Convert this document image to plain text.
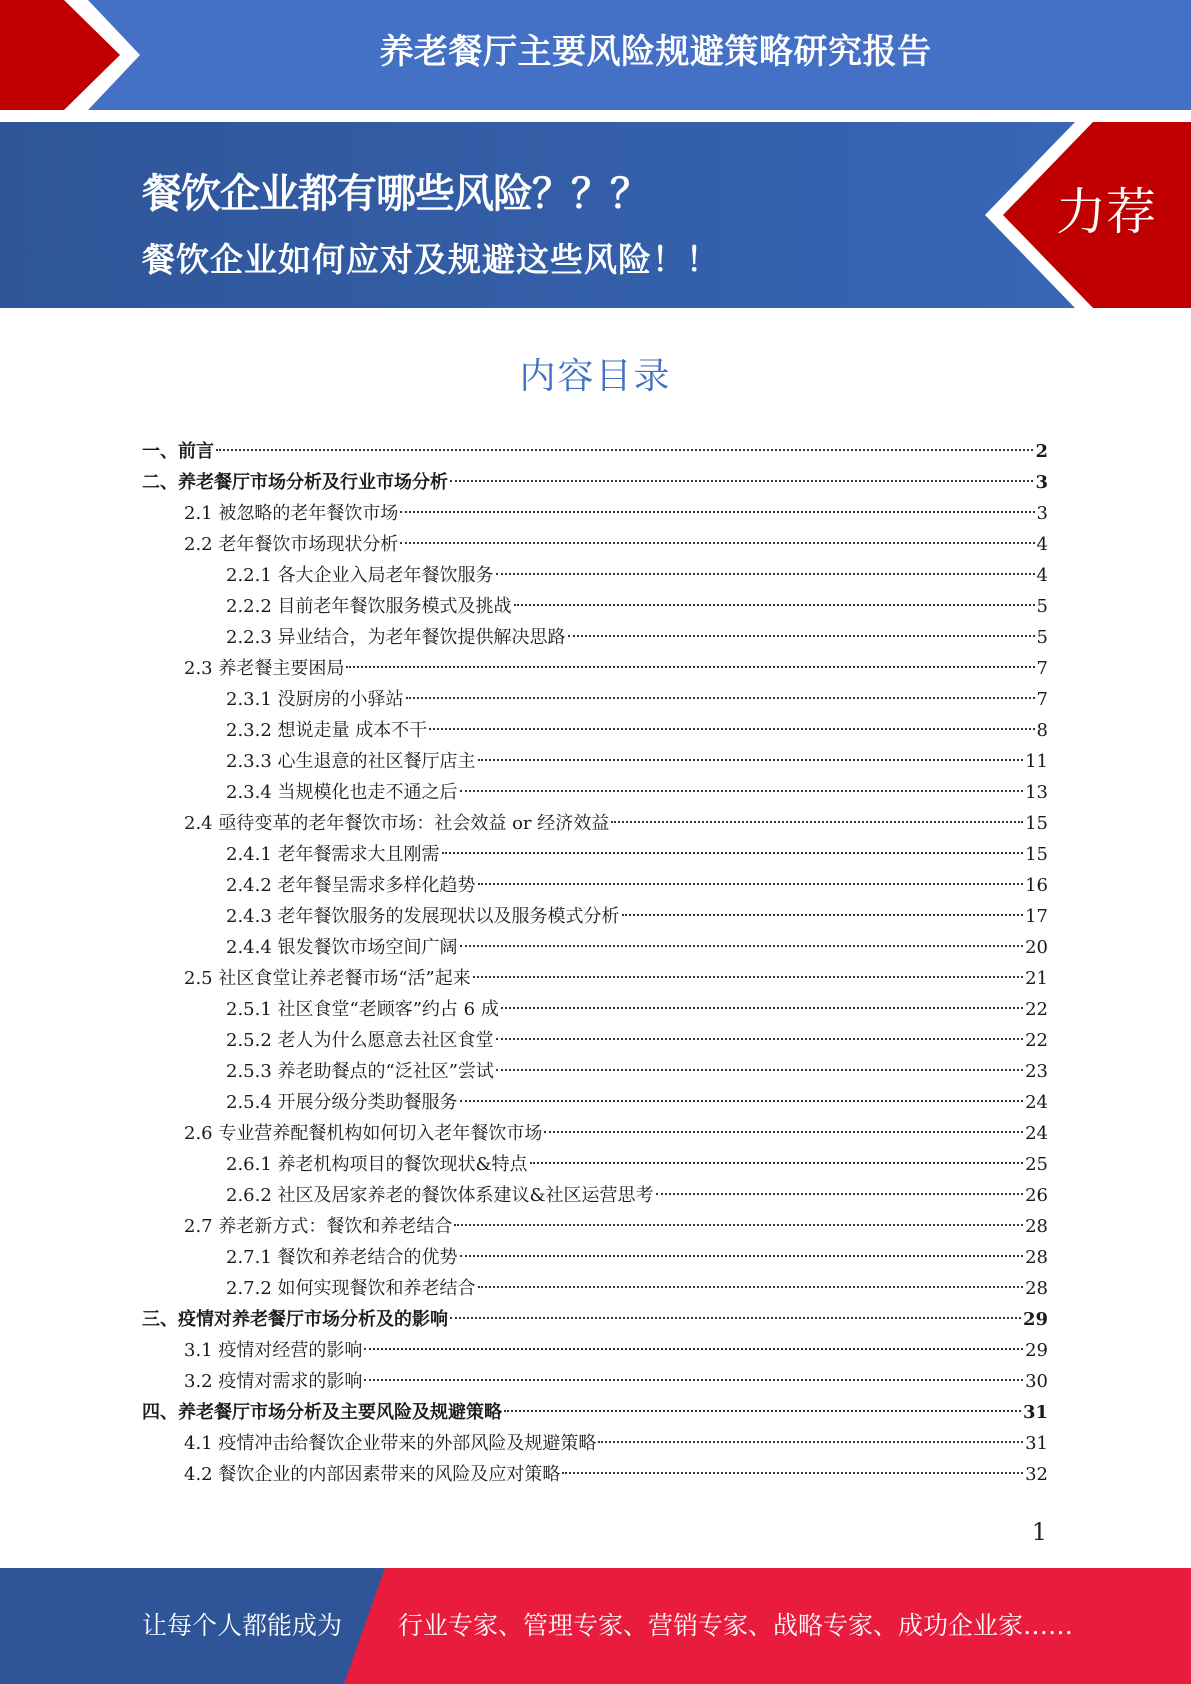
养老餐厅主要风险规避策略研究报告
餐饮企业都有哪些风险？？？
餐饮企业如何应对及规避这些风险！！
力荐
内容目录
一、前言	2
二、养老餐厅市场分析及行业市场分析	3
2.1 被忽略的老年餐饮市场	3
2.2 老年餐饮市场现状分析	4
2.2.1 各大企业入局老年餐饮服务	4
2.2.2 目前老年餐饮服务模式及挑战	5
2.2.3 异业结合，为老年餐饮提供解决思路	5
2.3 养老餐主要困局	7
2.3.1 没厨房的小驿站	7
2.3.2 想说走量 成本不干	8
2.3.3 心生退意的社区餐厅店主	11
2.3.4 当规模化也走不通之后	13
2.4 亟待变革的老年餐饮市场：社会效益 or 经济效益	15
2.4.1 老年餐需求大且刚需	15
2.4.2 老年餐呈需求多样化趋势	16
2.4.3 老年餐饮服务的发展现状以及服务模式分析	17
2.4.4 银发餐饮市场空间广阔	20
2.5 社区食堂让养老餐市场“活”起来	21
2.5.1 社区食堂“老顾客”约占 6 成	22
2.5.2 老人为什么愿意去社区食堂	22
2.5.3 养老助餐点的“泛社区”尝试	23
2.5.4 开展分级分类助餐服务	24
2.6 专业营养配餐机构如何切入老年餐饮市场	24
2.6.1 养老机构项目的餐饮现状&特点	25
2.6.2 社区及居家养老的餐饮体系建议&社区运营思考	26
2.7 养老新方式：餐饮和养老结合	28
2.7.1 餐饮和养老结合的优势	28
2.7.2 如何实现餐饮和养老结合	28
三、疫情对养老餐厅市场分析及的影响	29
3.1 疫情对经营的影响	29
3.2 疫情对需求的影响	30
四、养老餐厅市场分析及主要风险及规避策略	31
4.1 疫情冲击给餐饮企业带来的外部风险及规避策略	31
4.2 餐饮企业的内部因素带来的风险及应对策略	32
1
让每个人都能成为 行业专家、管理专家、营销专家、战略专家、成功企业家……
